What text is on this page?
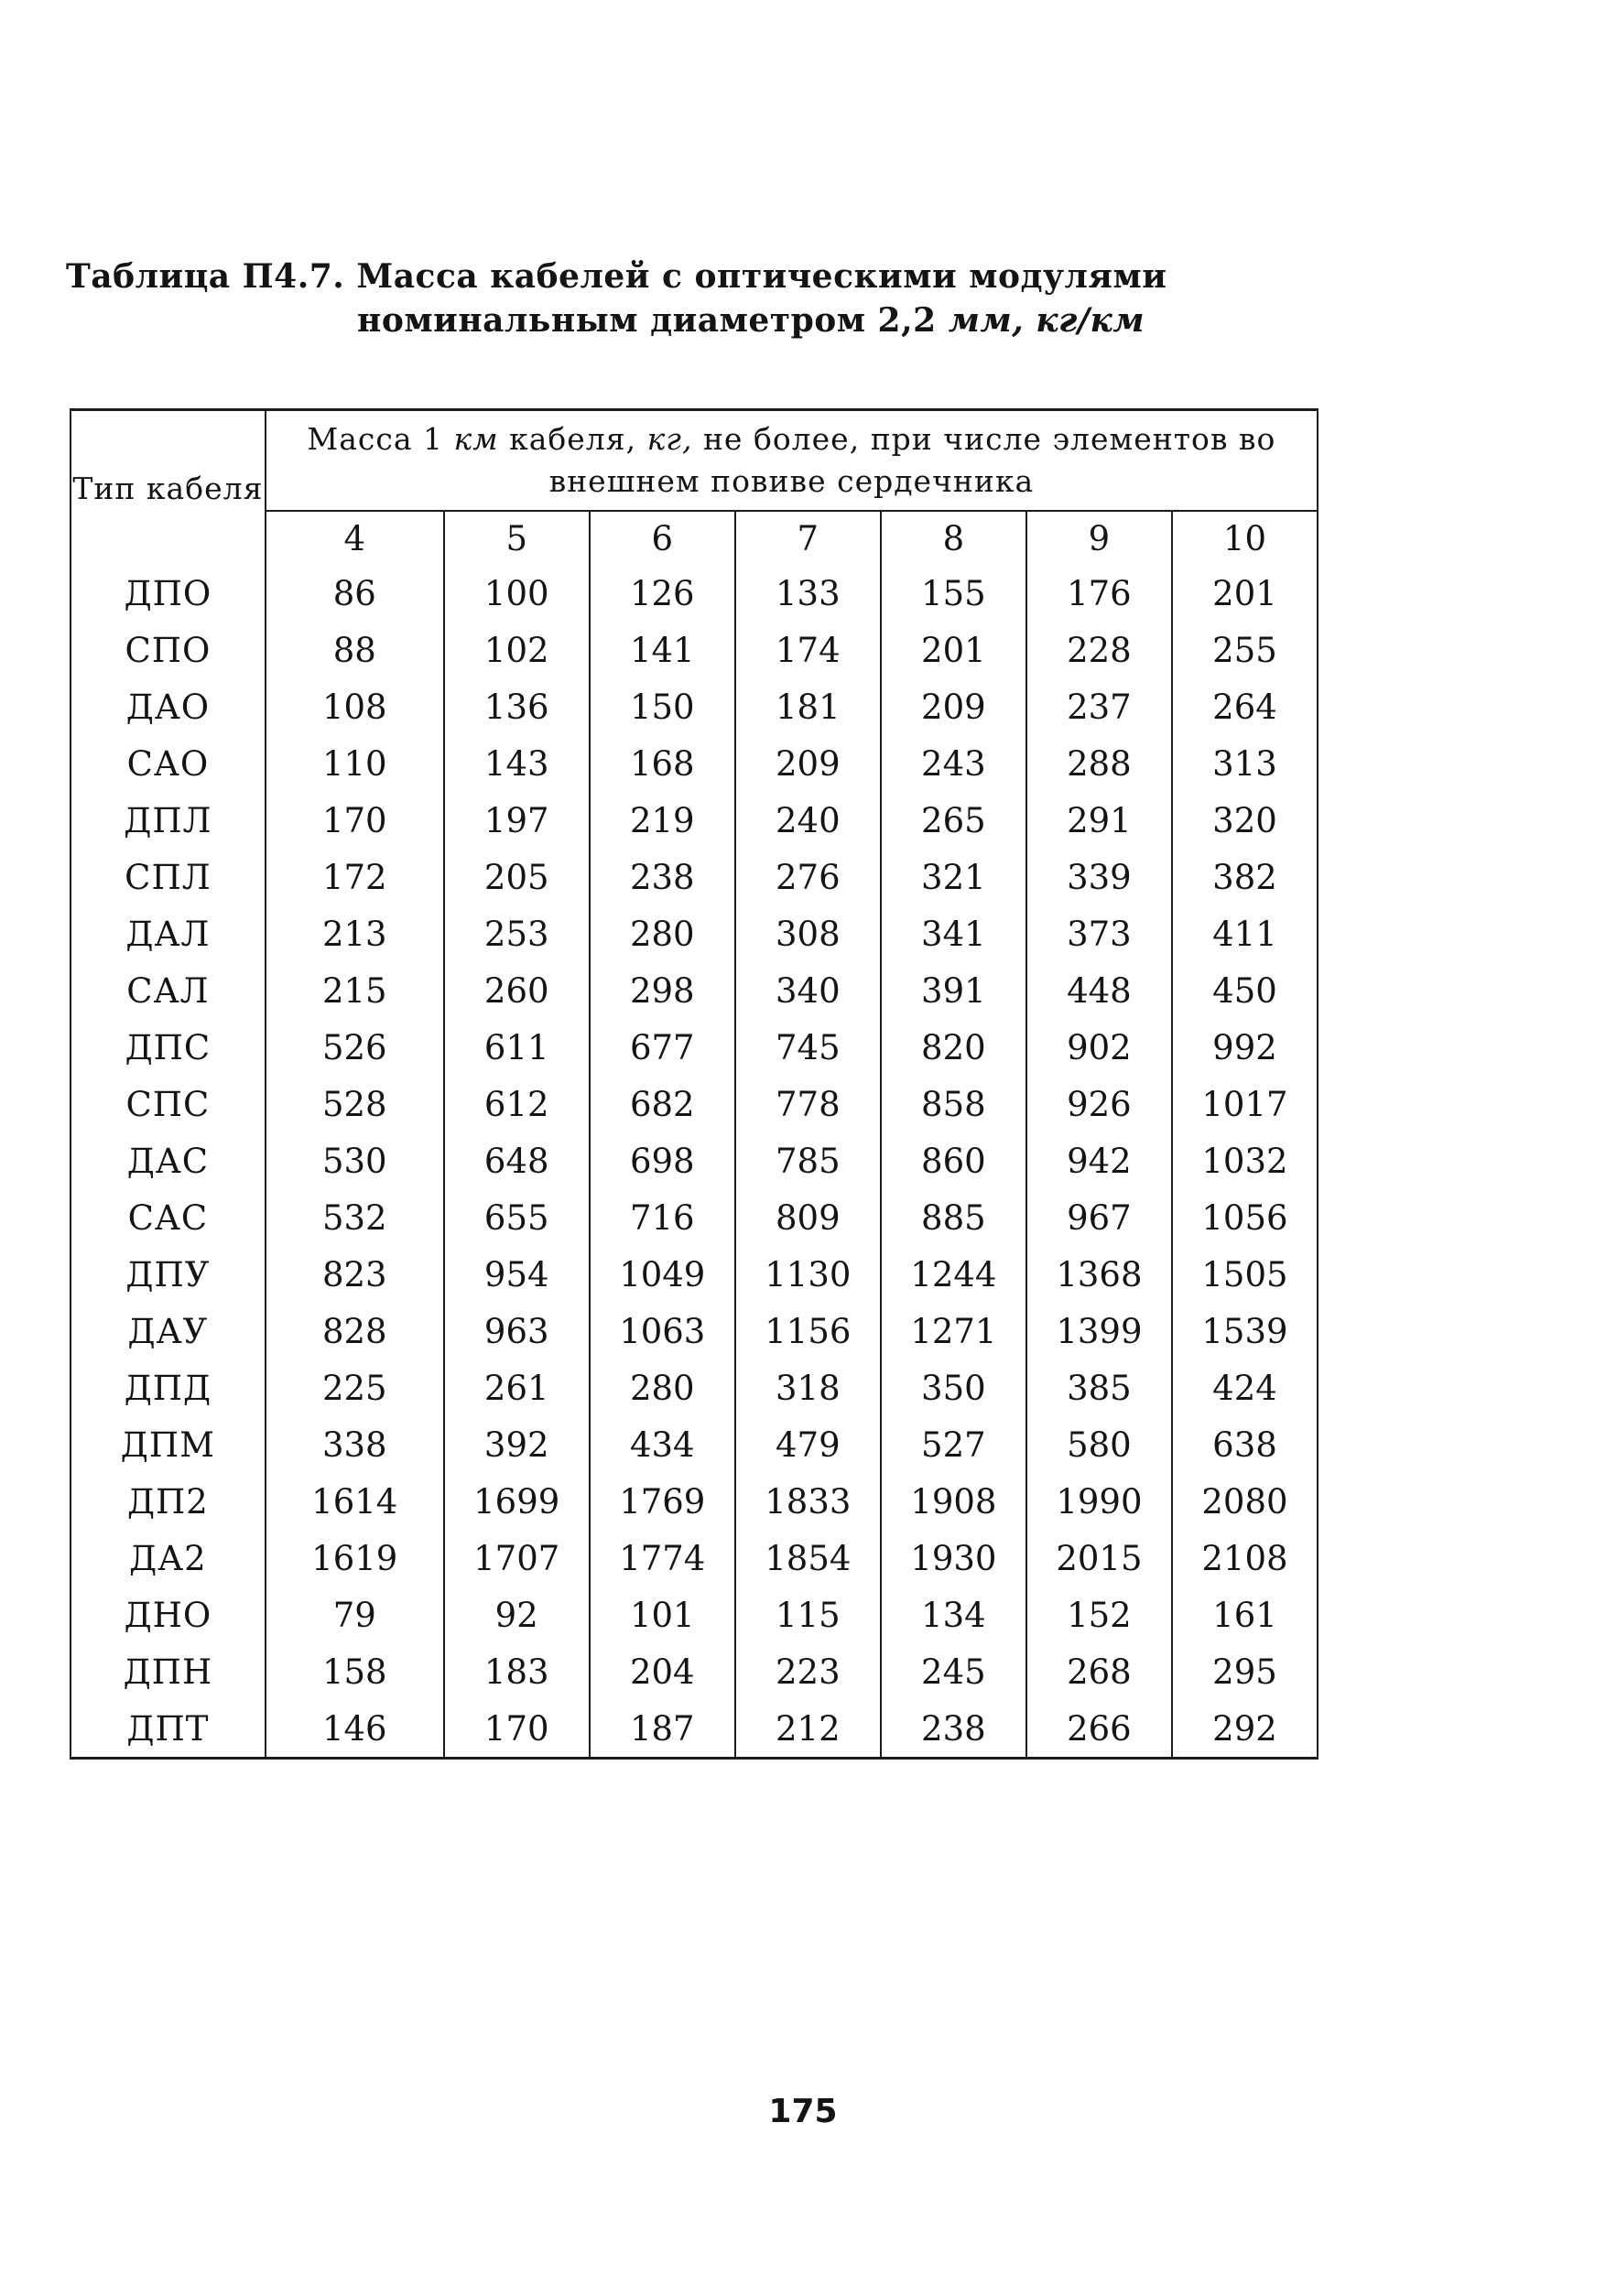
Таблица П4.7. Масса кабелей с оптическими модулями
номинальным диаметром 2,2 мм, кг/км
Тип кабеля	Масса 1 км кабеля, кг, не более, при числе элементов во внешнем повиве сердечника						
	4	5	6	7	8	9	10
ДПО	86	100	126	133	155	176	201
СПО	88	102	141	174	201	228	255
ДАО	108	136	150	181	209	237	264
САО	110	143	168	209	243	288	313
ДПЛ	170	197	219	240	265	291	320
СПЛ	172	205	238	276	321	339	382
ДАЛ	213	253	280	308	341	373	411
САЛ	215	260	298	340	391	448	450
ДПС	526	611	677	745	820	902	992
СПС	528	612	682	778	858	926	1017
ДАС	530	648	698	785	860	942	1032
САС	532	655	716	809	885	967	1056
ДПУ	823	954	1049	1130	1244	1368	1505
ДАУ	828	963	1063	1156	1271	1399	1539
ДПД	225	261	280	318	350	385	424
ДПМ	338	392	434	479	527	580	638
ДП2	1614	1699	1769	1833	1908	1990	2080
ДА2	1619	1707	1774	1854	1930	2015	2108
ДНО	79	92	101	115	134	152	161
ДПН	158	183	204	223	245	268	295
ДПТ	146	170	187	212	238	266	292
175
